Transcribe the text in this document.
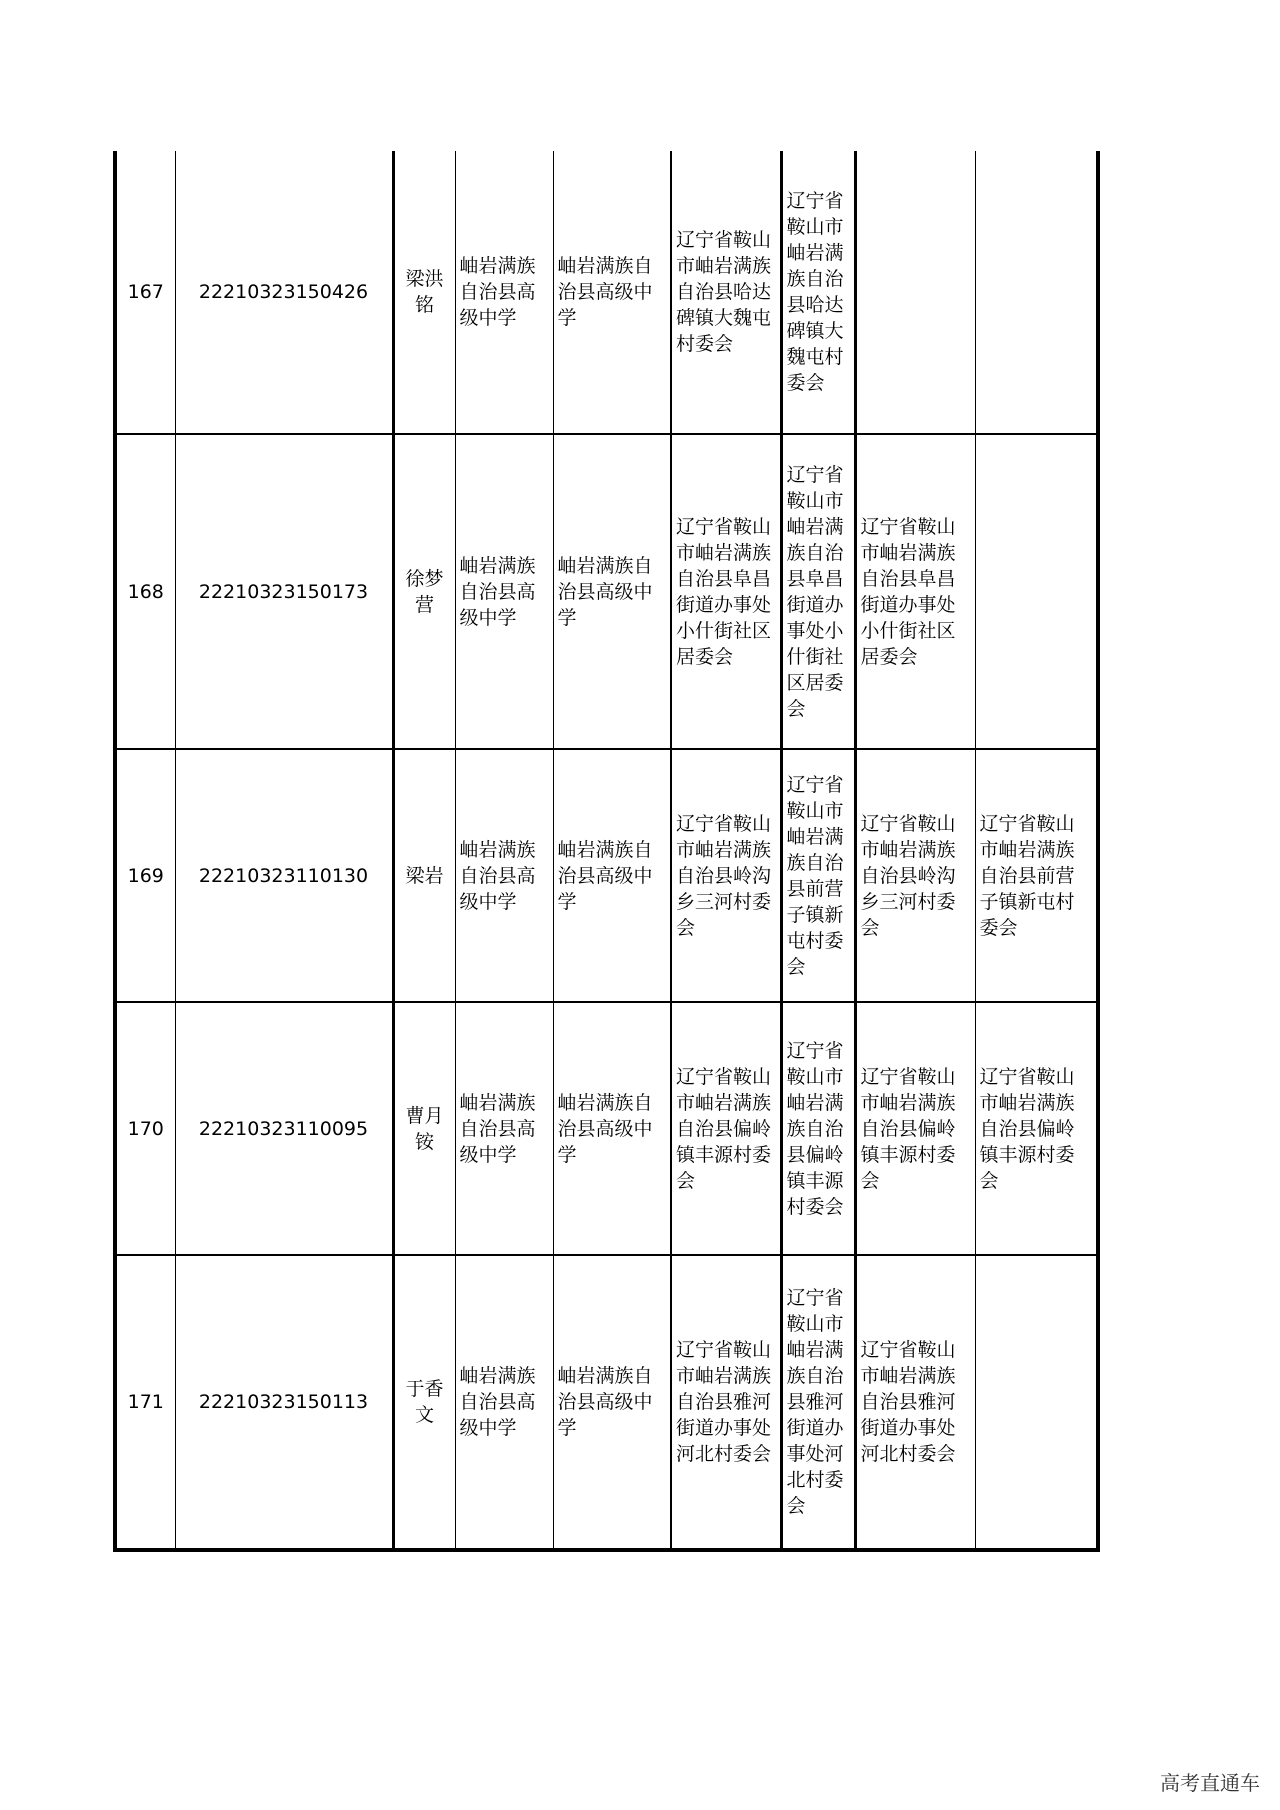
167	22210323150426	梁洪铭	岫岩满族自治县高级中学	岫岩满族自治县高级中学	辽宁省鞍山市岫岩满族自治县哈达碑镇大魏屯村委会	辽宁省鞍山市岫岩满族自治县哈达碑镇大魏屯村委会		
168	22210323150173	徐梦营	岫岩满族自治县高级中学	岫岩满族自治县高级中学	辽宁省鞍山市岫岩满族自治县阜昌街道办事处小什街社区居委会	辽宁省鞍山市岫岩满族自治县阜昌街道办事处小什街社区居委会	辽宁省鞍山市岫岩满族自治县阜昌街道办事处小什街社区居委会	
169	22210323110130	梁岩	岫岩满族自治县高级中学	岫岩满族自治县高级中学	辽宁省鞍山市岫岩满族自治县岭沟乡三河村委会	辽宁省鞍山市岫岩满族自治县前营子镇新屯村委会	辽宁省鞍山市岫岩满族自治县岭沟乡三河村委会	辽宁省鞍山市岫岩满族自治县前营子镇新屯村委会
170	22210323110095	曹月铵	岫岩满族自治县高级中学	岫岩满族自治县高级中学	辽宁省鞍山市岫岩满族自治县偏岭镇丰源村委会	辽宁省鞍山市岫岩满族自治县偏岭镇丰源村委会	辽宁省鞍山市岫岩满族自治县偏岭镇丰源村委会	辽宁省鞍山市岫岩满族自治县偏岭镇丰源村委会
171	22210323150113	于香文	岫岩满族自治县高级中学	岫岩满族自治县高级中学	辽宁省鞍山市岫岩满族自治县雅河街道办事处河北村委会	辽宁省鞍山市岫岩满族自治县雅河街道办事处河北村委会	辽宁省鞍山市岫岩满族自治县雅河街道办事处河北村委会	
高考直通车
